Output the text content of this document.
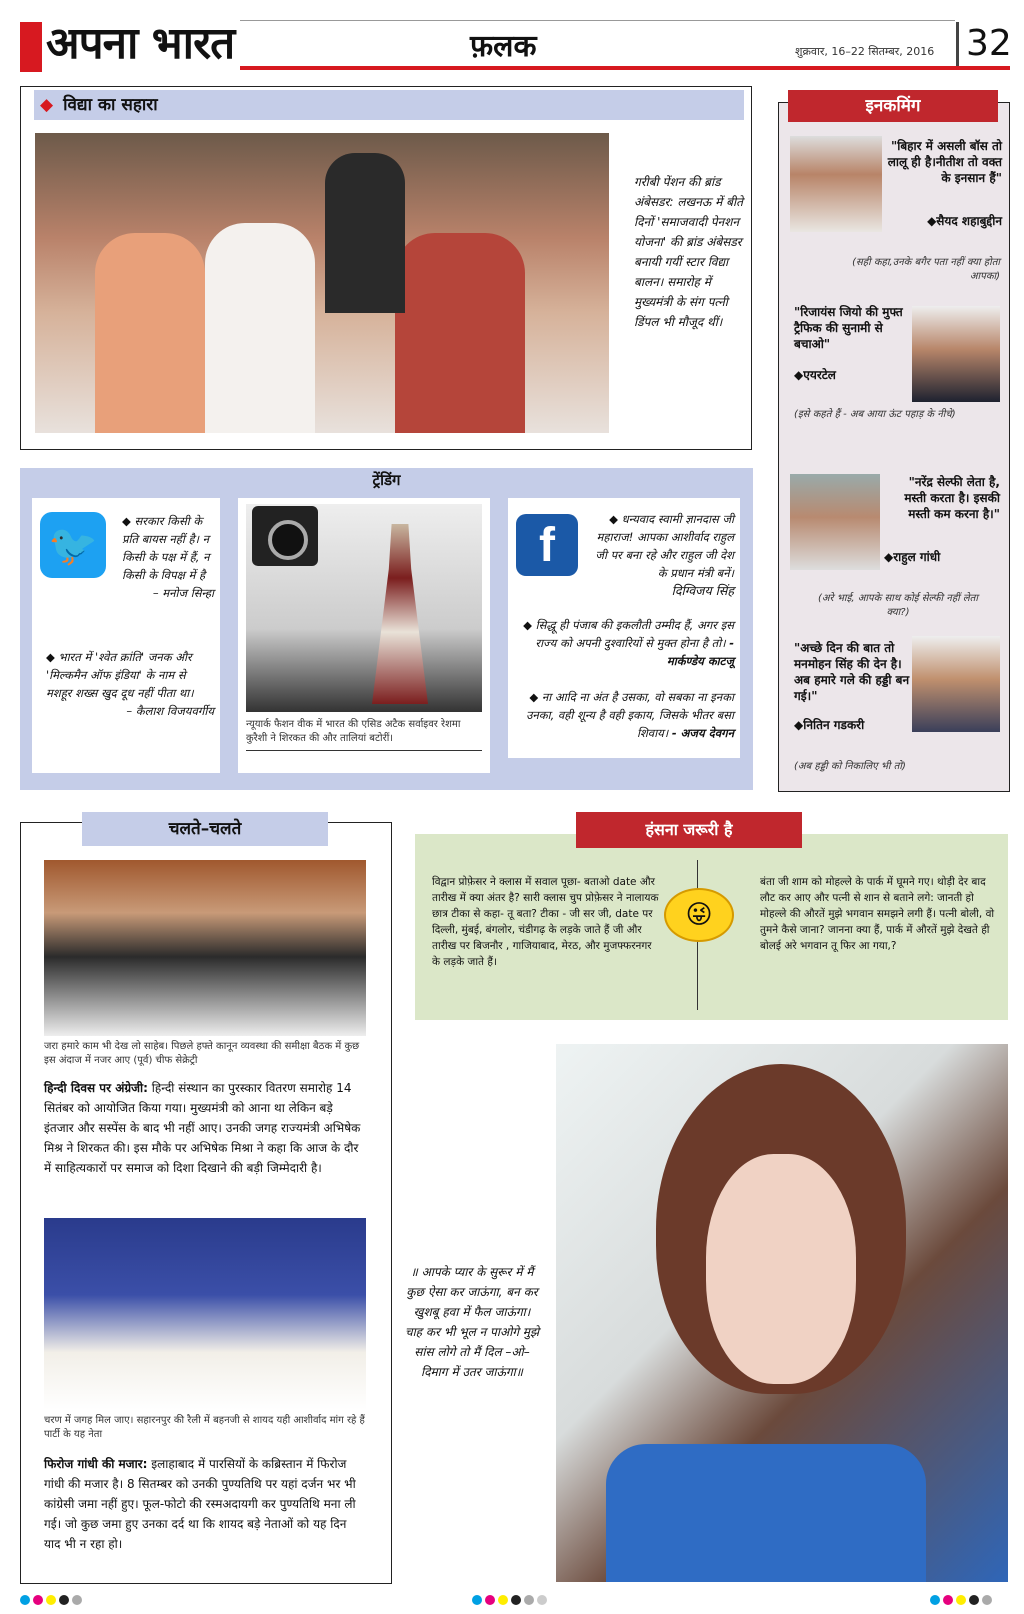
अपना भारत	फ़लक	शुक्रवार, 16–22 सितम्बर, 2016 32
◆ विद्या का सहारा
गरीबी पेंशन की ब्रांड अंबेसडर: लखनऊ में बीते दिनों 'समाजवादी पेनशन योजना' की ब्रांड अंबेसडर बनायी गयीं स्टार विद्या बालन। समारोह में मुख्यमंत्री के संग पत्नी डिंपल भी मौजूद थीं।
ट्रेंडिंग
🐦
◆ सरकार किसी के प्रति बायस नहीं है। न किसी के पक्ष में हैं, न किसी के विपक्ष में है
– मनोज सिन्हा
◆ भारत में 'श्वेत क्रांति' जनक और 'मिल्कमैन ऑफ इंडिया' के नाम से मशहूर शख्स खुद दूध नहीं पीता था।
– कैलाश विजयवर्गीय
न्यूयार्क फैशन वीक में भारत की एसिड अटैक सर्वाइवर रेशमा कुरैशी ने शिरकत की और तालियां बटोरीं।
f	◆ धन्यवाद स्वामी ज्ञानदास जी महाराज! आपका आशीर्वाद राहुल जी पर बना रहे और राहुल जी देश के प्रधान मंत्री बनें।
दिग्विजय सिंह
◆ सिद्धू ही पंजाब की इकलौती उम्मीद हैं, अगर इस राज्य को अपनी दुश्वारियों से मुक्त होना है तो। - मार्कण्डेय काटजू
◆ ना आदि ना अंत है उसका, वो सबका ना इनका उनका, वही शून्य है वही इकाय, जिसके भीतर बसा शिवाय। - अजय देवगन
इनकमिंग
"बिहार में असली बॉस तो लालू ही है।नीतीश तो वक्त के इनसान हैं"
◆सैयद शहाबुद्दीन
(सही कहा,उनके बगैर पता नहीं क्या होता आपका)
"रिजायंस जियो की मुफ्त ट्रैफिक की सुनामी से बचाओ"
◆एयरटेल
(इसे कहते हैं - अब आया ऊंट पहाड़ के नीचे)
"नरेंद्र सेल्फी लेता है, मस्ती करता है। इसकी मस्ती कम करना है।"
◆राहुल गांधी
(अरे भाई, आपके साथ कोई सेल्फी नहीं लेता क्या?)
"अच्छे दिन की बात तो मनमोहन सिंह की देन है। अब हमारे गले की हड्डी बन गई।"
◆नितिन गडकरी
(अब हड्डी को निकालिए भी तो)
चलते–चलते
जरा हमारे काम भी देख लो साहेब। पिछले हफ्ते कानून व्यवस्था की समीक्षा बैठक में कुछ इस अंदाज में नजर आए (पूर्व) चीफ सेक्रेट्री
हिन्दी दिवस पर अंग्रेजी: हिन्दी संस्थान का पुरस्कार वितरण समारोह 14 सितंबर को आयोजित किया गया। मुख्यमंत्री को आना था लेकिन बड़े इंतजार और सस्पेंस के बाद भी नहीं आए। उनकी जगह राज्यमंत्री अभिषेक मिश्र ने शिरकत की। इस मौके पर अभिषेक मिश्रा ने कहा कि आज के दौर में साहित्यकारों पर समाज को दिशा दिखाने की बड़ी जिम्मेदारी है।
चरण में जगह मिल जाए। सहारनपुर की रैली में बहनजी से शायद यही आशीर्वाद मांग रहे हैं पार्टी के यह नेता
फिरोज गांधी की मजार: इलाहाबाद में पारसियों के कब्रिस्तान में फिरोज गांधी की मजार है। 8 सितम्बर को उनकी पुण्यतिथि पर यहां दर्जन भर भी कांग्रेसी जमा नहीं हुए। फूल-फोटो की रस्मअदायगी कर पुण्यतिथि मना ली गई। जो कुछ जमा हुए उनका दर्द था कि शायद बड़े नेताओं को यह दिन याद भी न रहा हो।
हंसना जरूरी है
😜
विद्वान प्रोफ़ेसर ने क्लास में सवाल पूछा- बताओ date और तारीख में क्या अंतर है? सारी क्लास चुप प्रोफ़ेसर ने नालायक छात्र टीका से कहा- तू बता? टीका - जी सर जी, date पर दिल्ली, मुंबई, बंगलोर, चंडीगढ़ के लड़के जाते हैं जी और तारीख पर बिजनौर , गाजियाबाद, मेरठ, और मुजफ्फरनगर के लड़के जाते हैं।
बंता जी शाम को मोहल्ले के पार्क में घूमने गए। थोड़ी देर बाद लौट कर आए और पत्नी से शान से बताने लगे: जानती हो मोहल्ले की औरतें मुझे भगवान समझने लगी हैं। पत्नी बोली, वो तुमने कैसे जाना? जानना क्या हैं, पार्क में औरतें मुझे देखते ही बोलई अरे भगवान तू फिर आ गया,?
॥ आपके प्यार के सुरूर में मैं कुछ ऐसा कर जाऊंगा, बन कर खुशबू हवा में फैल जाऊंगा। चाह कर भी भूल न पाओगे मुझे सांस लोगे तो मैं दिल –ओ– दिमाग में उतर जाऊंगा॥
